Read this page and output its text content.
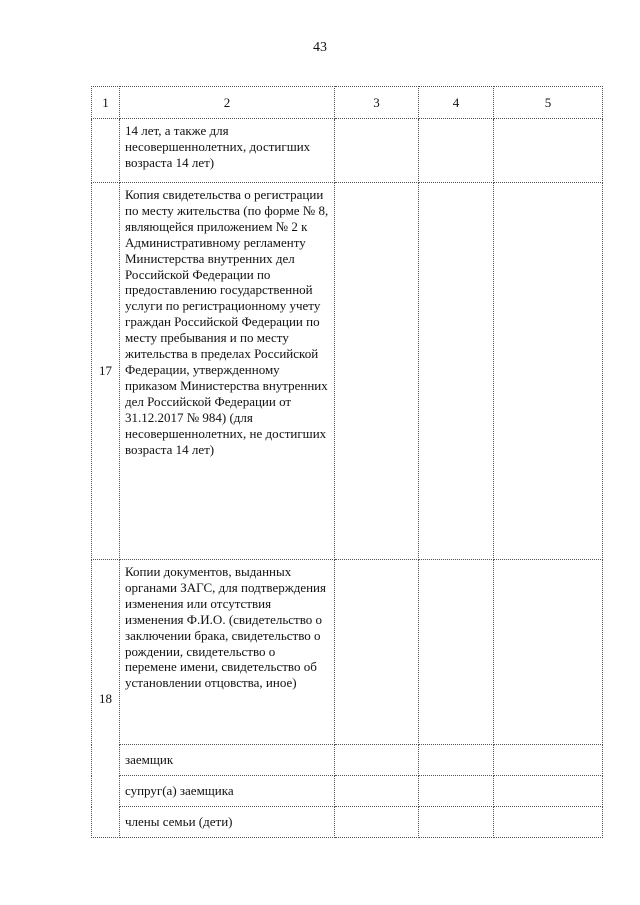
43
1	2	3	4	5
	14 лет, а также для несовершеннолетних, достигших возраста 14 лет)			
17	Копия свидетельства о регистрации по месту жительства (по форме № 8, являющейся приложением № 2 к Административному регламенту Министерства внутренних дел Российской Федерации по предоставлению государственной услуги по регистрационному учету граждан Российской Федерации по месту пребывания и по месту жительства в пределах Российской Федерации, утвержденному приказом Министерства внутренних дел Российской Федерации от 31.12.2017 № 984) (для несовершеннолетних, не достигших возраста 14 лет)			
18	Копии документов, выданных органами ЗАГС, для подтверждения изменения или отсутствия изменения Ф.И.О. (свидетельство о заключении брака, свидетельство о рождении, свидетельство о перемене имени, свидетельство об установлении отцовства, иное)			
	заемщик			
	супруг(а) заемщика			
	члены семьи (дети)			
